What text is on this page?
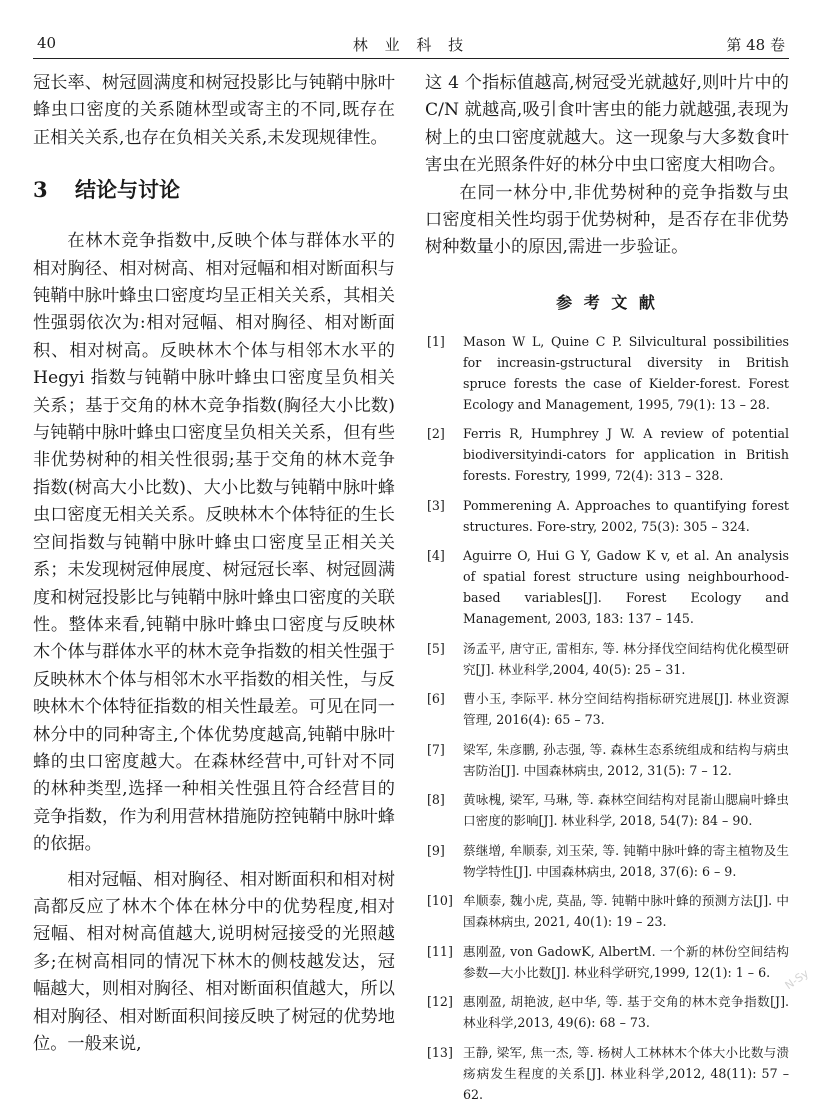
40	林 业 科 技	第 48 卷

冠长率、树冠圆满度和树冠投影比与钝鞘中脉叶蜂虫口密度的关系随林型或寄主的不同,既存在正相关关系,也存在负相关关系,未发现规律性。

3 结论与讨论

在林木竞争指数中,反映个体与群体水平的相对胸径、相对树高、相对冠幅和相对断面积与钝鞘中脉叶蜂虫口密度均呈正相关关系，其相关性强弱依次为:相对冠幅、相对胸径、相对断面积、相对树高。反映林木个体与相邻木水平的 Hegyi 指数与钝鞘中脉叶蜂虫口密度呈负相关关系；基于交角的林木竞争指数(胸径大小比数)与钝鞘中脉叶蜂虫口密度呈负相关关系，但有些非优势树种的相关性很弱;基于交角的林木竞争指数(树高大小比数)、大小比数与钝鞘中脉叶蜂虫口密度无相关关系。反映林木个体特征的生长空间指数与钝鞘中脉叶蜂虫口密度呈正相关关系；未发现树冠伸展度、树冠冠长率、树冠圆满度和树冠投影比与钝鞘中脉叶蜂虫口密度的关联性。整体来看,钝鞘中脉叶蜂虫口密度与反映林木个体与群体水平的林木竞争指数的相关性强于反映林木个体与相邻木水平指数的相关性，与反映林木个体特征指数的相关性最差。可见在同一林分中的同种寄主,个体优势度越高,钝鞘中脉叶蜂的虫口密度越大。在森林经营中,可针对不同的林种类型,选择一种相关性强且符合经营目的竞争指数，作为利用营林措施防控钝鞘中脉叶蜂的依据。

相对冠幅、相对胸径、相对断面积和相对树高都反应了林木个体在林分中的优势程度,相对冠幅、相对树高值越大,说明树冠接受的光照越多;在树高相同的情况下林木的侧枝越发达，冠幅越大，则相对胸径、相对断面积值越大，所以相对胸径、相对断面积间接反映了树冠的优势地位。一般来说,

这 4 个指标值越高,树冠受光就越好,则叶片中的 C/N 就越高,吸引食叶害虫的能力就越强,表现为树上的虫口密度就越大。这一现象与大多数食叶害虫在光照条件好的林分中虫口密度大相吻合。

在同一林分中,非优势树种的竞争指数与虫口密度相关性均弱于优势树种，是否存在非优势树种数量小的原因,需进一步验证。

参 考 文 献
[1] Mason W L, Quine C P. Silvicultural possibilities for increasin-gstructural diversity in British spruce forests the case of Kielder-forest. Forest Ecology and Management, 1995, 79(1): 13 – 28.
[2] Ferris R, Humphrey J W. A review of potential biodiversityindi-cators for application in British forests. Forestry, 1999, 72(4): 313 – 328.
[3] Pommerening A. Approaches to quantifying forest structures. Fore-stry, 2002, 75(3): 305 – 324.
[4] Aguirre O, Hui G Y, Gadow K v, et al. An analysis of spatial forest structure using neighbourhood-based variables[J]. Forest Ecology and Management, 2003, 183: 137 – 145.
[5] 汤孟平, 唐守正, 雷相东, 等. 林分择伐空间结构优化模型研究[J]. 林业科学,2004, 40(5): 25 – 31.
[6] 曹小玉, 李际平. 林分空间结构指标研究进展[J]. 林业资源管理, 2016(4): 65 – 73.
[7] 梁军, 朱彦鹏, 孙志强, 等. 森林生态系统组成和结构与病虫害防治[J]. 中国森林病虫, 2012, 31(5): 7 – 12.
[8] 黄咏槐, 梁军, 马琳, 等. 森林空间结构对昆嵛山腮扁叶蜂虫口密度的影响[J]. 林业科学, 2018, 54(7): 84 – 90.
[9] 蔡继增, 牟顺泰, 刘玉荣, 等. 钝鞘中脉叶蜂的寄主植物及生物学特性[J]. 中国森林病虫, 2018, 37(6): 6 – 9.
[10] 牟顺泰, 魏小虎, 莫晶, 等. 钝鞘中脉叶蜂的预测方法[J]. 中国森林病虫, 2021, 40(1): 19 – 23.
[11] 惠刚盈, von GadowK, AlbertM. 一个新的林份空间结构参数—大小比数[J]. 林业科学研究,1999, 12(1): 1 – 6.
[12] 惠刚盈, 胡艳波, 赵中华, 等. 基于交角的林木竞争指数[J]. 林业科学,2013, 49(6): 68 – 73.
[13] 王静, 梁军, 焦一杰, 等. 杨树人工林林木个体大小比数与溃疡病发生程度的关系[J]. 林业科学,2012, 48(11): 57 – 62.
N-Sy
